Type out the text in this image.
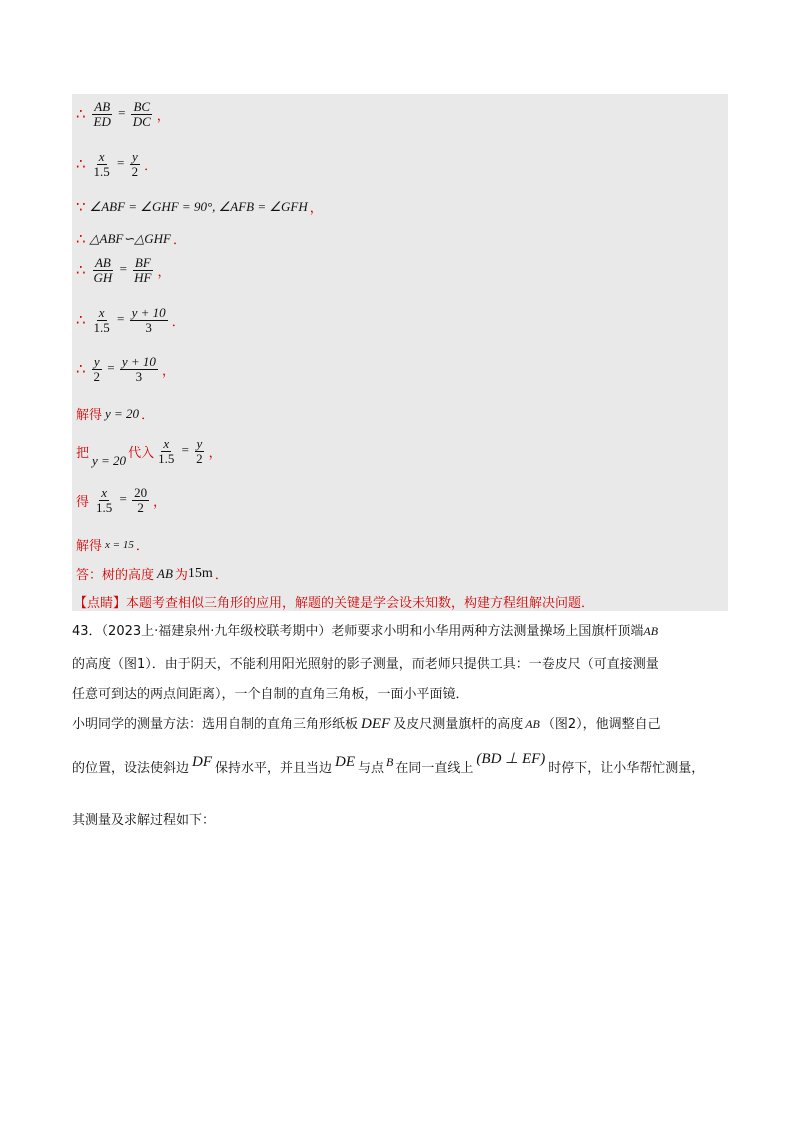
∴ $\frac{AB}{ED} = \frac{BC}{DC}$ ，
∴ $\frac{x}{1.5} = \frac{y}{2}$ ．
∵ ∠ABF = ∠GHF = 90°, ∠AFB = ∠GFH ，
∴ △ABF∽△GHF ．
∴ $\frac{AB}{GH} = \frac{BF}{HF}$ ，
∴ $\frac{x}{1.5} = \frac{y + 10}{3}$ ．
∴ $\frac{y}{2} = \frac{y + 10}{3}$ ，
解得 y = 20 ．
把 y = 20 代入 $\frac{x}{1.5} = \frac{y}{2}$ ，
得 $\frac{x}{1.5} = \frac{20}{2}$ ，
解得 x = 15 ．
答：树的高度 AB 为 15m ．
【点睛】本题考查相似三角形的应用，解题的关键是学会设未知数，构建方程组解决问题．
43．（2023上·福建泉州·九年级校联考期中）老师要求小明和小华用两种方法测量操场上国旗杆顶端AB
的高度（图1）．由于阴天，不能利用阳光照射的影子测量，而老师只提供工具：一卷皮尺（可直接测量
任意可到达的两点间距离），一个自制的直角三角板，一面小平面镜．
小明同学的测量方法：选用自制的直角三角形纸板 DEF 及皮尺测量旗杆的高度 AB （图2），他调整自己
的位置，设法使斜边 DF 保持水平，并且当边 DE 与点 B 在同一直线上(BD ⊥ EF)时停下，让小华帮忙测量，
其测量及求解过程如下：
